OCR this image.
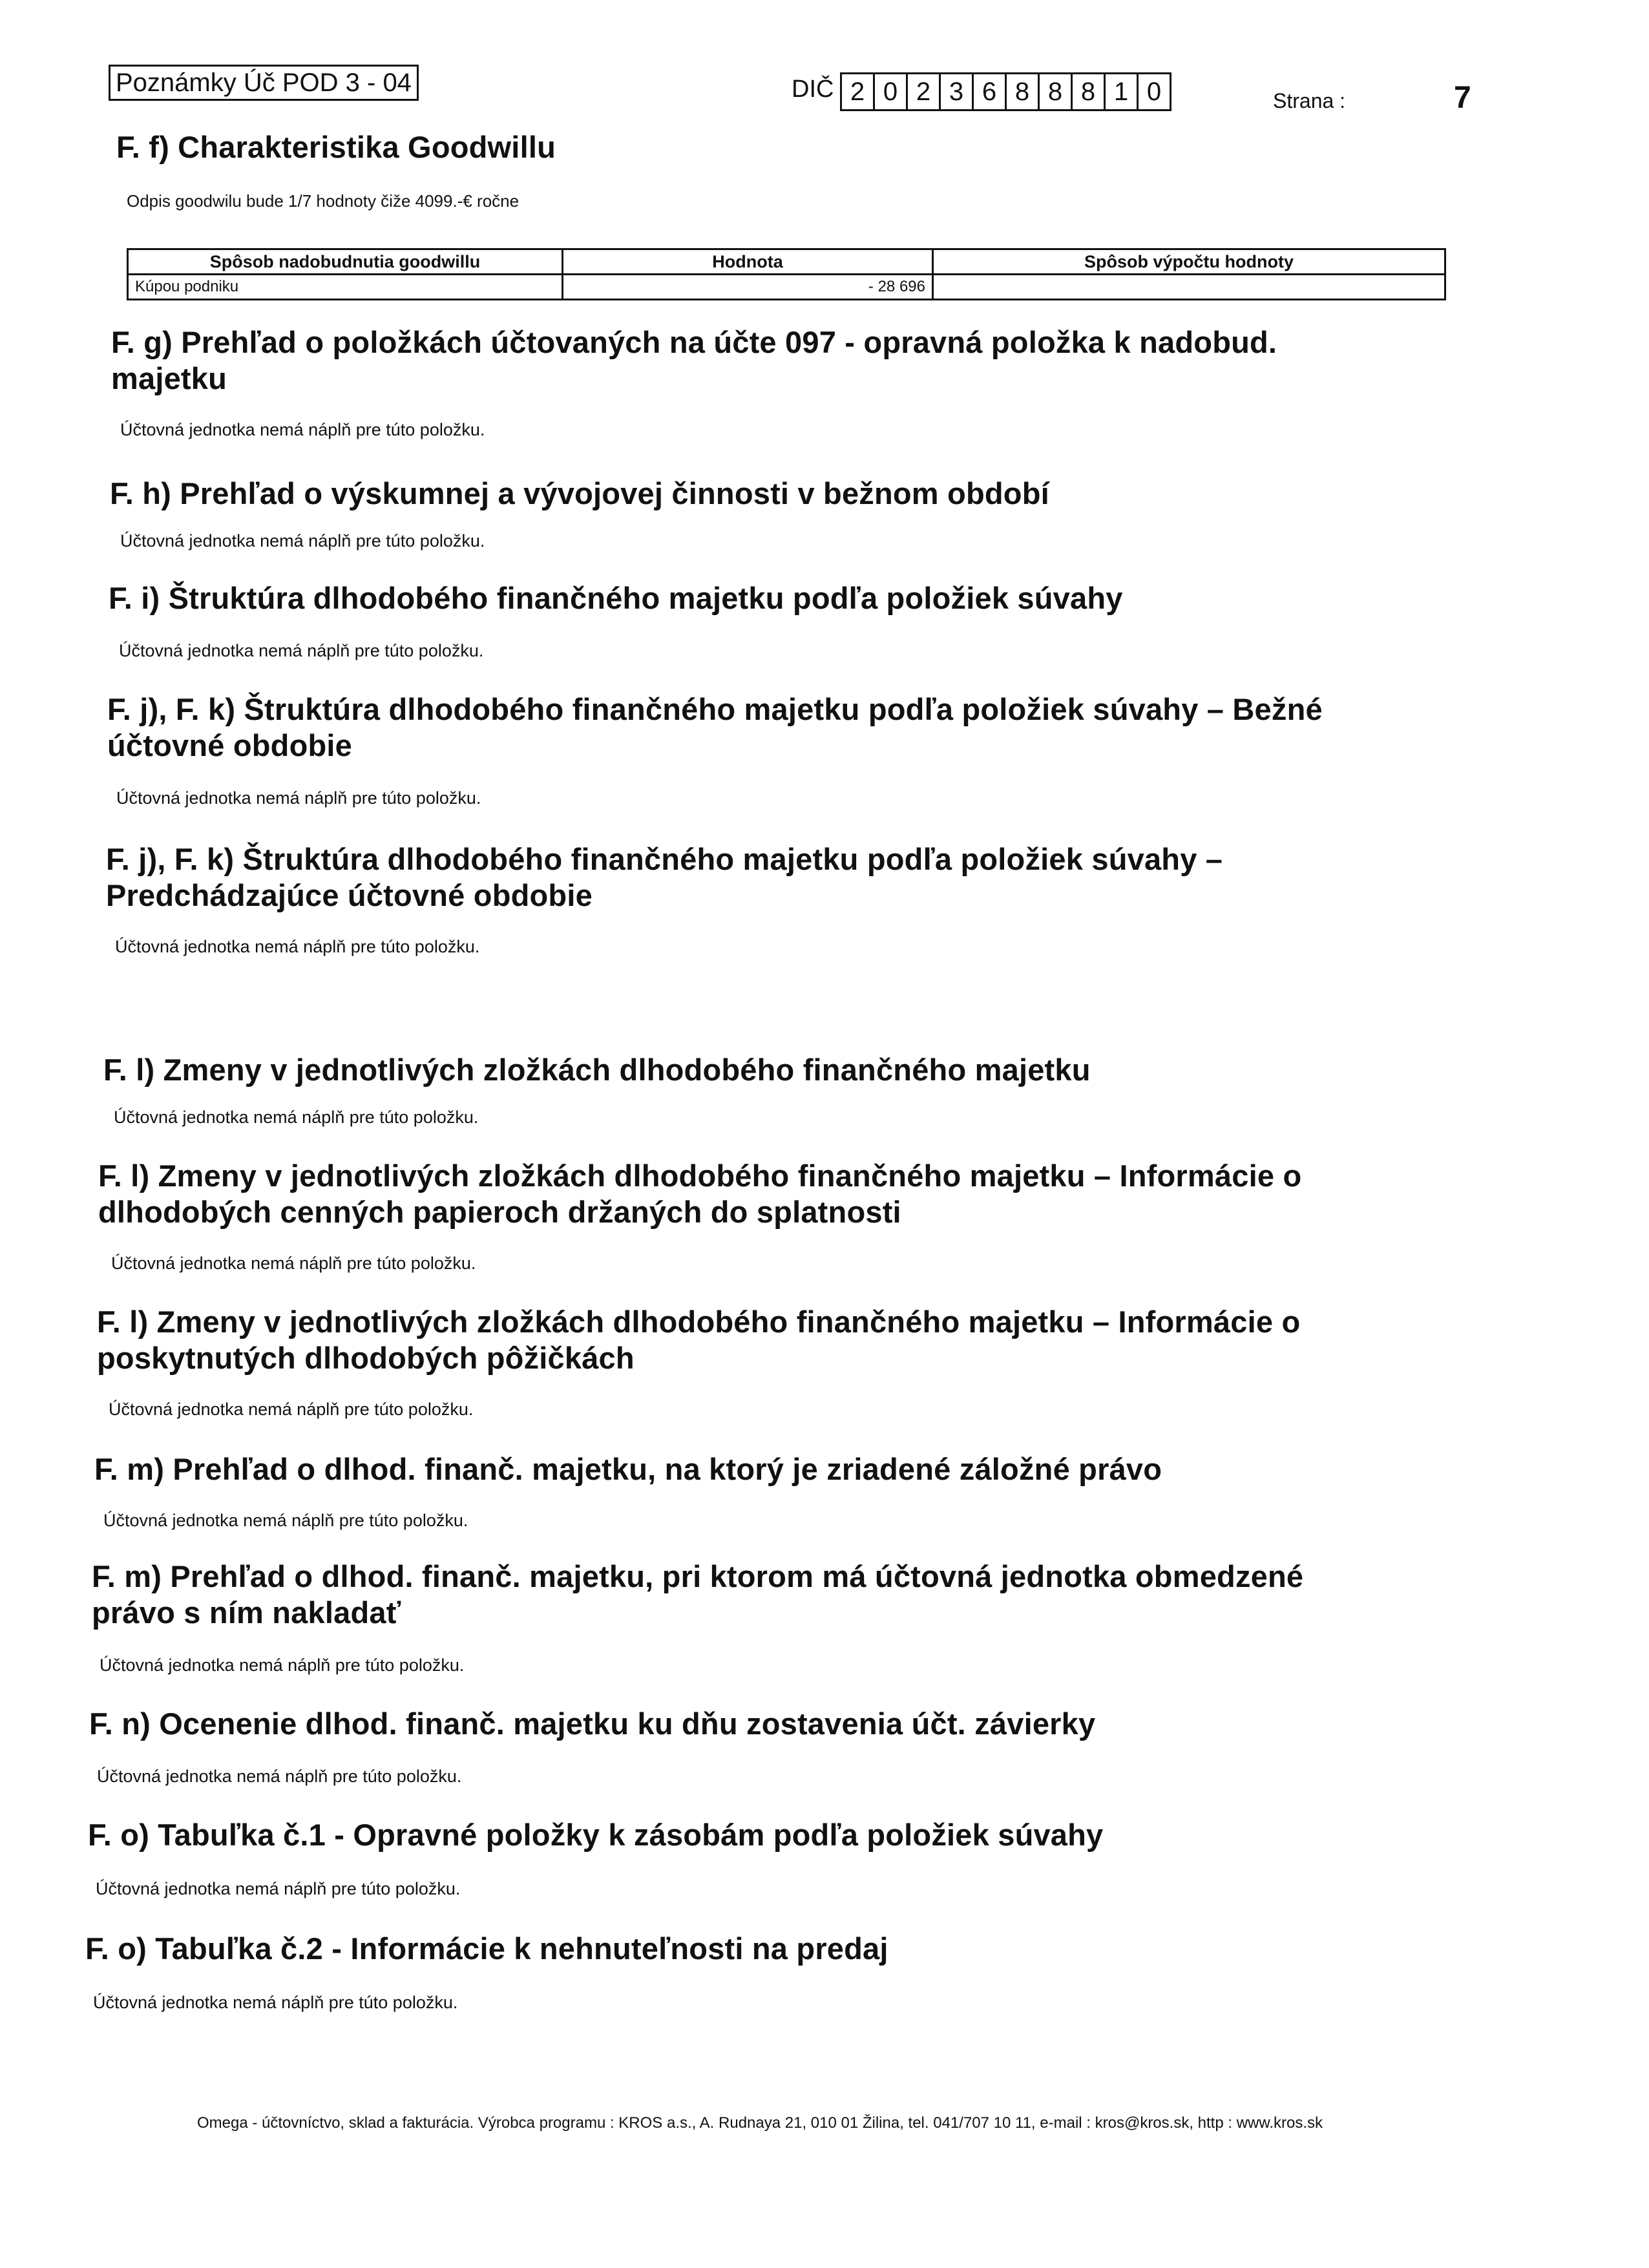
Poznámky Úč POD 3 - 04	DIČ 2 0 2 3 6 8 8 8 1 0	Strana :	7
F. f) Charakteristika Goodwillu
Odpis goodwilu bude 1/7 hodnoty čiže 4099.-€ ročne
Spôsob nadobudnutia goodwillu	Hodnota	Spôsob výpočtu hodnoty
Kúpou podniku	- 28 696	
F. g) Prehľad o položkách účtovaných na účte 097 - opravná položka k nadobud.
majetku
Účtovná jednotka nemá náplň pre túto položku.
F. h) Prehľad o výskumnej a vývojovej činnosti v bežnom období
Účtovná jednotka nemá náplň pre túto položku.
F. i) Štruktúra dlhodobého finančného majetku podľa položiek súvahy
Účtovná jednotka nemá náplň pre túto položku.
F. j), F. k) Štruktúra dlhodobého finančného majetku podľa položiek súvahy – Bežné
účtovné obdobie
Účtovná jednotka nemá náplň pre túto položku.
F. j), F. k) Štruktúra dlhodobého finančného majetku podľa položiek súvahy –
Predchádzajúce účtovné obdobie
Účtovná jednotka nemá náplň pre túto položku.
F. l) Zmeny v jednotlivých zložkách dlhodobého finančného majetku
Účtovná jednotka nemá náplň pre túto položku.
F. l) Zmeny v jednotlivých zložkách dlhodobého finančného majetku – Informácie o
dlhodobých cenných papieroch držaných do splatnosti
Účtovná jednotka nemá náplň pre túto položku.
F. l) Zmeny v jednotlivých zložkách dlhodobého finančného majetku – Informácie o
poskytnutých dlhodobých pôžičkách
Účtovná jednotka nemá náplň pre túto položku.
F. m) Prehľad o dlhod. finanč. majetku, na ktorý je zriadené záložné právo
Účtovná jednotka nemá náplň pre túto položku.
F. m) Prehľad o dlhod. finanč. majetku, pri ktorom má účtovná jednotka obmedzené
právo s ním nakladať
Účtovná jednotka nemá náplň pre túto položku.
F. n) Ocenenie dlhod. finanč. majetku ku dňu zostavenia účt. závierky
Účtovná jednotka nemá náplň pre túto položku.
F. o) Tabuľka č.1 - Opravné položky k zásobám podľa položiek súvahy
Účtovná jednotka nemá náplň pre túto položku.
F. o) Tabuľka č.2 - Informácie k nehnuteľnosti na predaj
Účtovná jednotka nemá náplň pre túto položku.
Omega - účtovníctvo, sklad a fakturácia. Výrobca programu : KROS a.s., A. Rudnaya 21, 010 01 Žilina, tel. 041/707 10 11, e-mail : kros@kros.sk, http : www.kros.sk
